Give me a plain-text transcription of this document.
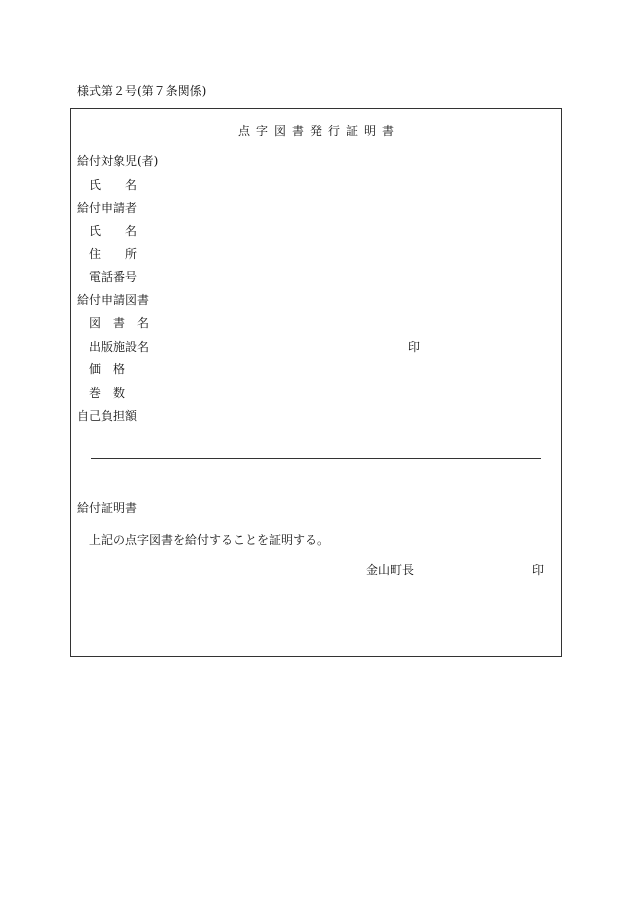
様式第２号(第７条関係)
点字図書発行証明書
給付対象児(者)
氏　　名
給付申請者
氏　　名
住　　所
電話番号
給付申請図書
図　書　名
出版施設名	印
価　格
巻　数
自己負担額
給付証明書
上記の点字図書を給付することを証明する。
金山町長	印
